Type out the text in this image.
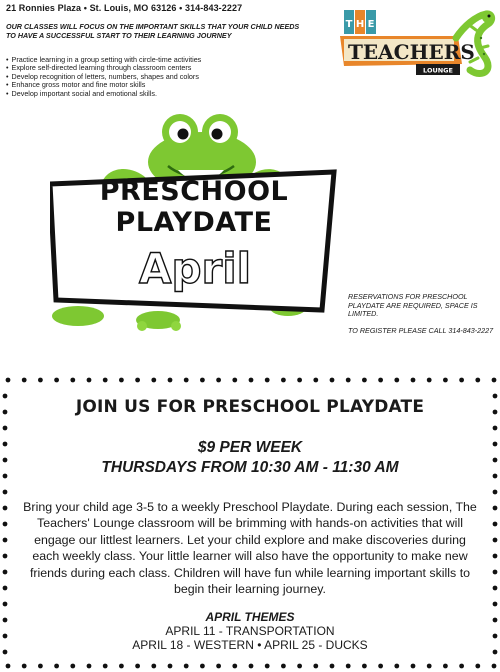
21 Ronnies Plaza • St. Louis, MO 63126 • 314-843-2227
OUR CLASSES WILL FOCUS ON THE IMPORTANT SKILLS THAT YOUR CHILD NEEDS TO HAVE A SUCCESSFUL START TO THEIR LEARNING JOURNEY
• Practice learning in a group setting with circle-time activities
• Explore self-directed learning through classroom centers
• Develop recognition of letters, numbers, shapes and colors
• Enhance gross motor and fine motor skills
• Develop important social and emotional skills.
T H E
TEACHERS'
LOUNGE
PRESCHOOL
PLAYDATE
April

RESERVATIONS FOR PRESCHOOL PLAYDATE ARE REQUIRED, SPACE IS LIMITED.

TO REGISTER PLEASE CALL 314-843-2227

JOIN US FOR PRESCHOOL PLAYDATE
$9 PER WEEK
THURSDAYS FROM 10:30 AM - 11:30 AM

Bring your child age 3-5 to a weekly Preschool Playdate. During each session, The Teachers' Lounge classroom will be brimming with hands-on activities that will engage our littlest learners. Let your child explore and make discoveries during each weekly class. Your little learner will also have the opportunity to make new friends during each class. Children will have fun while learning important skills to begin their learning journey.

APRIL THEMES
APRIL 11 - TRANSPORTATION
APRIL 18 - WESTERN • APRIL 25 - DUCKS
